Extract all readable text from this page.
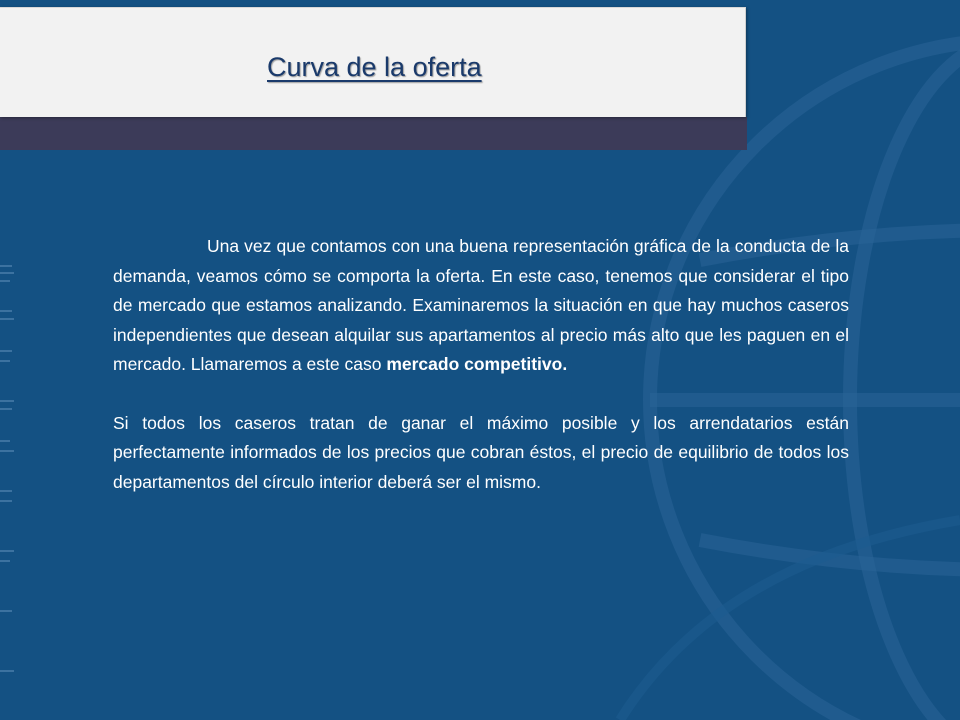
Curva de la oferta

Una vez que contamos con una buena representación gráfica de la conducta de la demanda, veamos cómo se comporta la oferta. En este caso, tenemos que considerar el tipo de mercado que estamos analizando. Examinaremos la situación en que hay muchos caseros independientes que desean alquilar sus apartamentos al precio más alto que les paguen en el mercado. Llamaremos a este caso mercado competitivo.

Si todos los caseros tratan de ganar el máximo posible y los arrendatarios están perfectamente informados de los precios que cobran éstos, el precio de equilibrio de todos los departamentos del círculo interior deberá ser el mismo.
